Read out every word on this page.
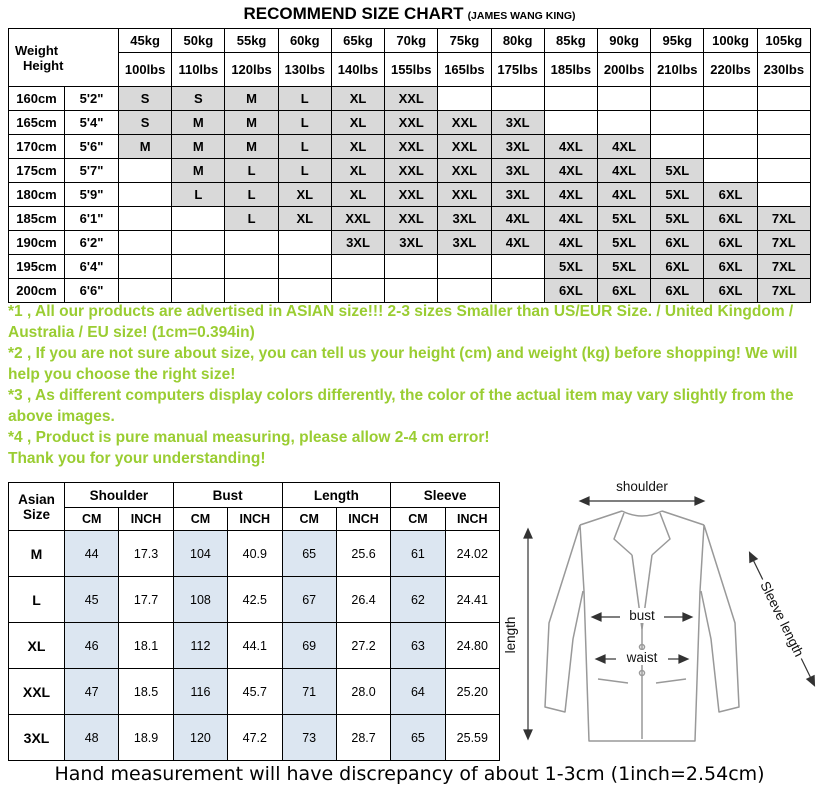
RECOMMEND SIZE CHART (JAMES WANG KING)
Weight
Height		45kg	50kg	55kg	60kg	65kg	70kg	75kg	80kg	85kg	90kg	95kg	100kg	105kg
		100lbs	110lbs	120lbs	130lbs	140lbs	155lbs	165lbs	175lbs	185lbs	200lbs	210lbs	220lbs	230lbs
160cm	5'2"	S	S	M	L	XL	XXL							
165cm	5'4"	S	M	M	L	XL	XXL	XXL	3XL					
170cm	5'6"	M	M	M	L	XL	XXL	XXL	3XL	4XL	4XL			
175cm	5'7"		M	L	L	XL	XXL	XXL	3XL	4XL	4XL	5XL		
180cm	5'9"		L	L	XL	XL	XXL	XXL	3XL	4XL	4XL	5XL	6XL	
185cm	6'1"			L	XL	XXL	XXL	3XL	4XL	4XL	5XL	5XL	6XL	7XL
190cm	6'2"					3XL	3XL	3XL	4XL	4XL	5XL	6XL	6XL	7XL
195cm	6'4"									5XL	5XL	6XL	6XL	7XL
200cm	6'6"									6XL	6XL	6XL	6XL	7XL

*1 , All our products are advertised in ASIAN size!!! 2-3 sizes Smaller than US/EUR Size. / United Kingdom / Australia / EU size! (1cm=0.394in)

*2 , If you are not sure about size, you can tell us your height (cm) and weight (kg) before shopping! We will help you choose the right size!

*3 , As different computers display colors differently, the color of the actual item may vary slightly from the above images.

*4 , Product is pure manual measuring, please allow 2-4 cm error!

Thank you for your understanding!

Asian
Size	Shoulder		Bust		Length		Sleeve	
	CM	INCH	CM	INCH	CM	INCH	CM	INCH
M	44	17.3	104	40.9	65	25.6	61	24.02
L	45	17.7	108	42.5	67	26.4	62	24.41
XL	46	18.1	112	44.1	69	27.2	63	24.80
XXL	47	18.5	116	45.7	71	28.0	64	25.20
3XL	48	18.9	120	47.2	73	28.7	65	25.59
shoulder
length	Sleeve length
bust
waist
Hand measurement will have discrepancy of about 1-3cm (1inch=2.54cm)
